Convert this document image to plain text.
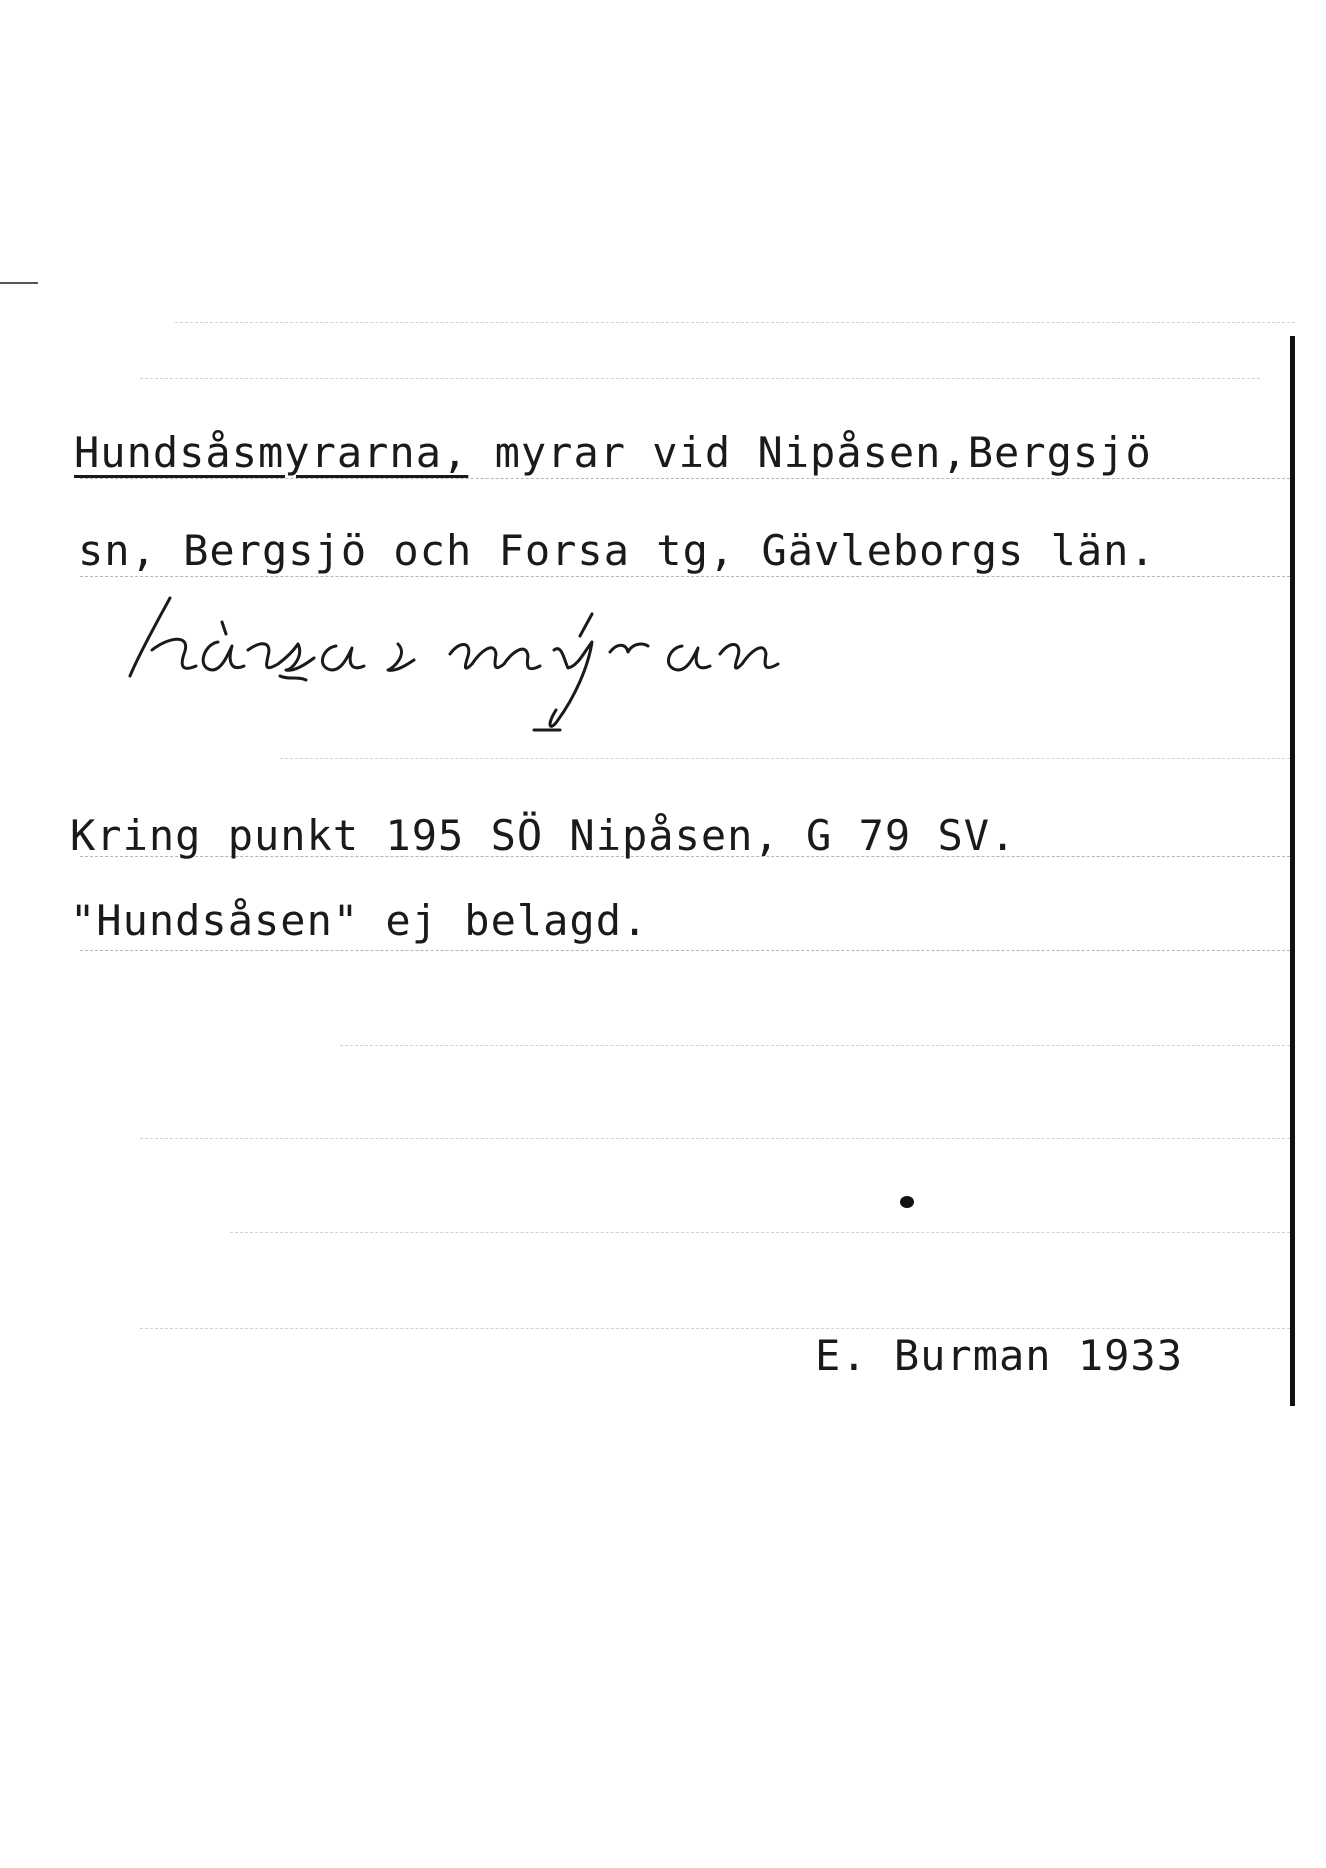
Hundsåsmyrarna, myrar vid Nipåsen,Bergsjö
sn, Bergsjö och Forsa tg, Gävleborgs län.
Kring punkt 195 SÖ Nipåsen, G 79 SV.
"Hundsåsen" ej belagd.
E. Burman 1933
